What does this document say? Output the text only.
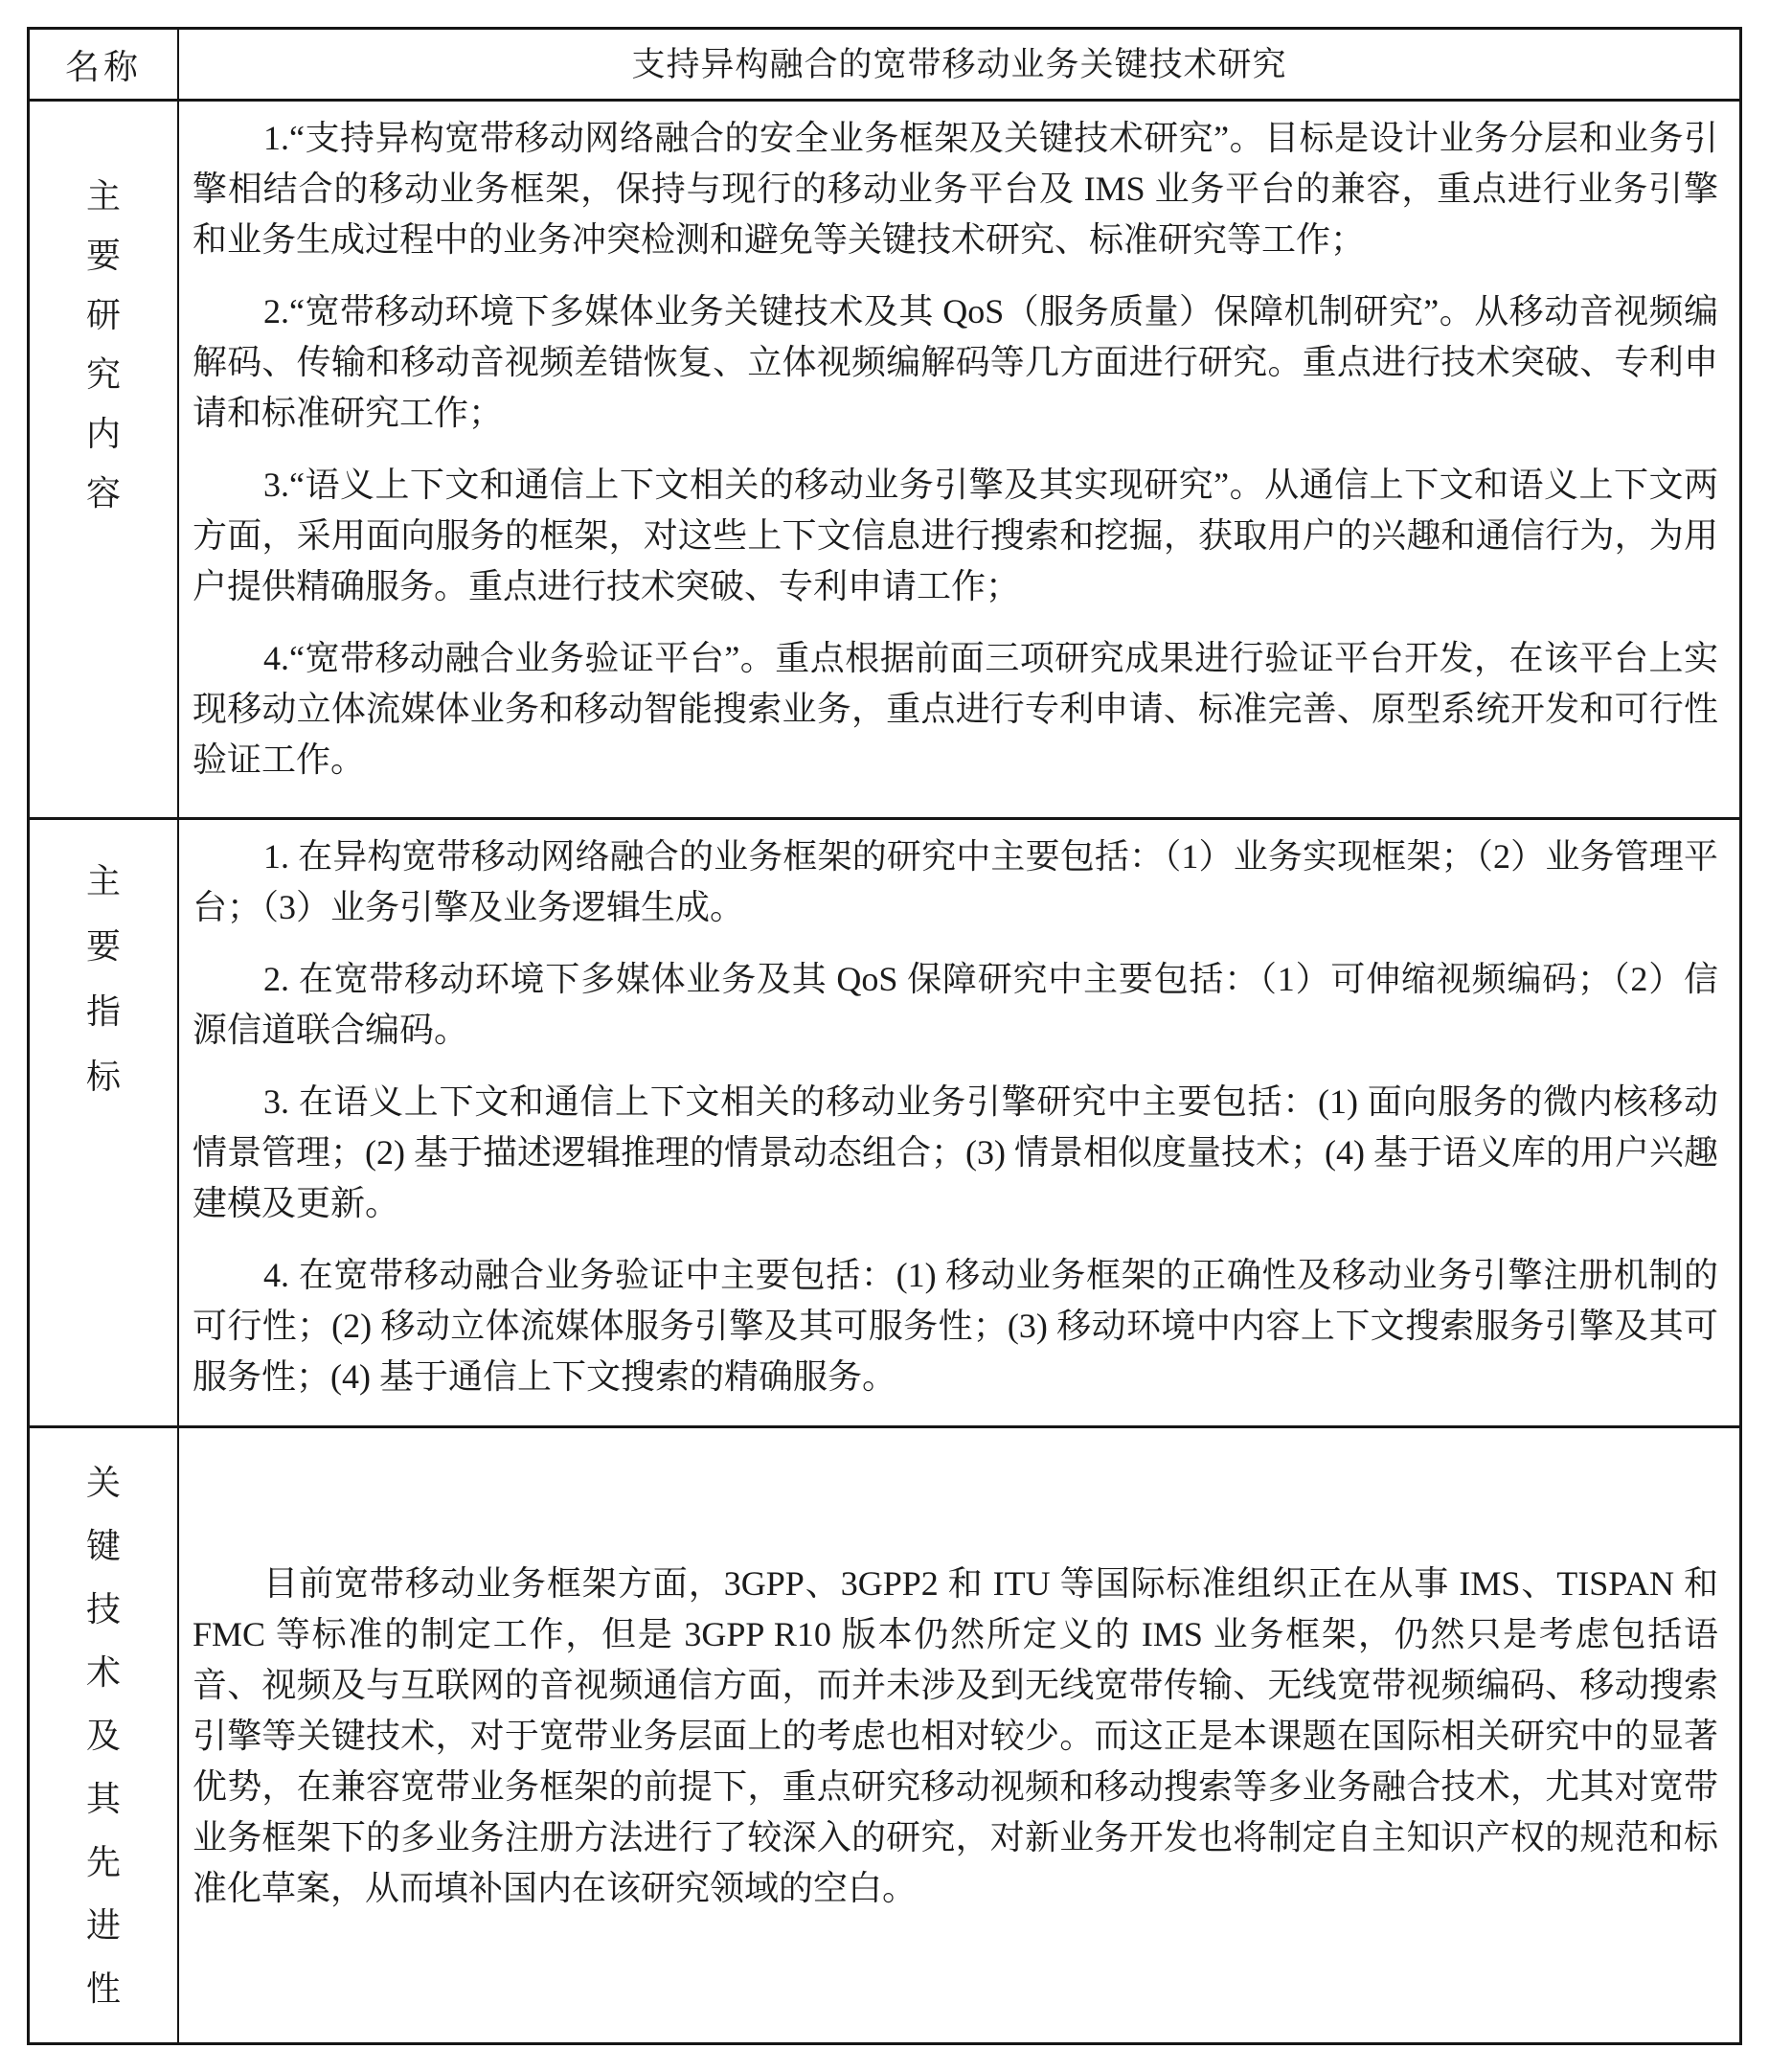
名称	支持异构融合的宽带移动业务关键技术研究
主
要
研
究
内
容

1.“支持异构宽带移动网络融合的安全业务框架及关键技术研究”。目标是设计业务分层和业务引擎相结合的移动业务框架，保持与现行的移动业务平台及 IMS 业务平台的兼容，重点进行业务引擎和业务生成过程中的业务冲突检测和避免等关键技术研究、标准研究等工作；

2.“宽带移动环境下多媒体业务关键技术及其 QoS（服务质量）保障机制研究”。从移动音视频编解码、传输和移动音视频差错恢复、立体视频编解码等几方面进行研究。重点进行技术突破、专利申请和标准研究工作；

3.“语义上下文和通信上下文相关的移动业务引擎及其实现研究”。从通信上下文和语义上下文两方面，采用面向服务的框架，对这些上下文信息进行搜索和挖掘，获取用户的兴趣和通信行为，为用户提供精确服务。重点进行技术突破、专利申请工作；

4.“宽带移动融合业务验证平台”。重点根据前面三项研究成果进行验证平台开发，在该平台上实现移动立体流媒体业务和移动智能搜索业务，重点进行专利申请、标准完善、原型系统开发和可行性验证工作。

主
要
指
标

1. 在异构宽带移动网络融合的业务框架的研究中主要包括：（1）业务实现框架；（2）业务管理平台；（3）业务引擎及业务逻辑生成。

2. 在宽带移动环境下多媒体业务及其 QoS 保障研究中主要包括：（1）可伸缩视频编码；（2）信源信道联合编码。

3. 在语义上下文和通信上下文相关的移动业务引擎研究中主要包括：(1) 面向服务的微内核移动情景管理；(2) 基于描述逻辑推理的情景动态组合；(3) 情景相似度量技术；(4) 基于语义库的用户兴趣建模及更新。

4. 在宽带移动融合业务验证中主要包括：(1) 移动业务框架的正确性及移动业务引擎注册机制的可行性；(2) 移动立体流媒体服务引擎及其可服务性；(3) 移动环境中内容上下文搜索服务引擎及其可服务性；(4) 基于通信上下文搜索的精确服务。

关
键
技
术
及
其
先
进
性

目前宽带移动业务框架方面，3GPP、3GPP2 和 ITU 等国际标准组织正在从事 IMS、TISPAN 和 FMC 等标准的制定工作，但是 3GPP R10 版本仍然所定义的 IMS 业务框架，仍然只是考虑包括语音、视频及与互联网的音视频通信方面，而并未涉及到无线宽带传输、无线宽带视频编码、移动搜索引擎等关键技术，对于宽带业务层面上的考虑也相对较少。而这正是本课题在国际相关研究中的显著优势，在兼容宽带业务框架的前提下，重点研究移动视频和移动搜索等多业务融合技术，尤其对宽带业务框架下的多业务注册方法进行了较深入的研究，对新业务开发也将制定自主知识产权的规范和标准化草案，从而填补国内在该研究领域的空白。
